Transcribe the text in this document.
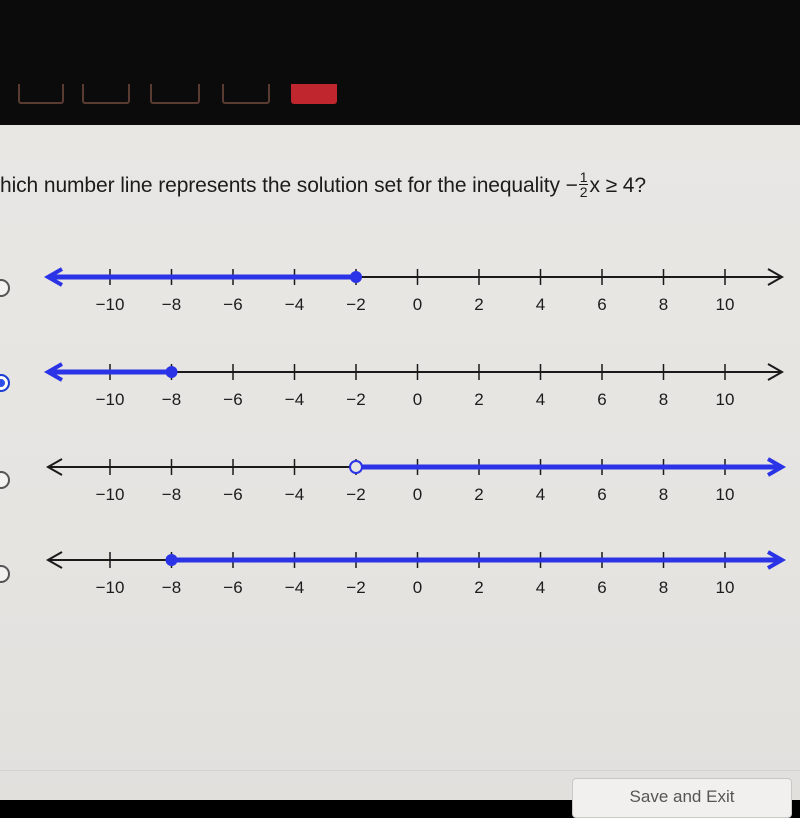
hich number line represents the solution set for the inequality − $\frac{1}{2}$ x ≥ 4?
−10 −8 −6 −4 −2	0	2	4	6	8	10
−10 −8 −6 −4 −2	0	2	4	6	8	10
−10 −8 −6 −4 −2	0	2	4	6	8	10
−10 −8 −6 −4 −2	0	2	4	6	8	10
Save and Exit
